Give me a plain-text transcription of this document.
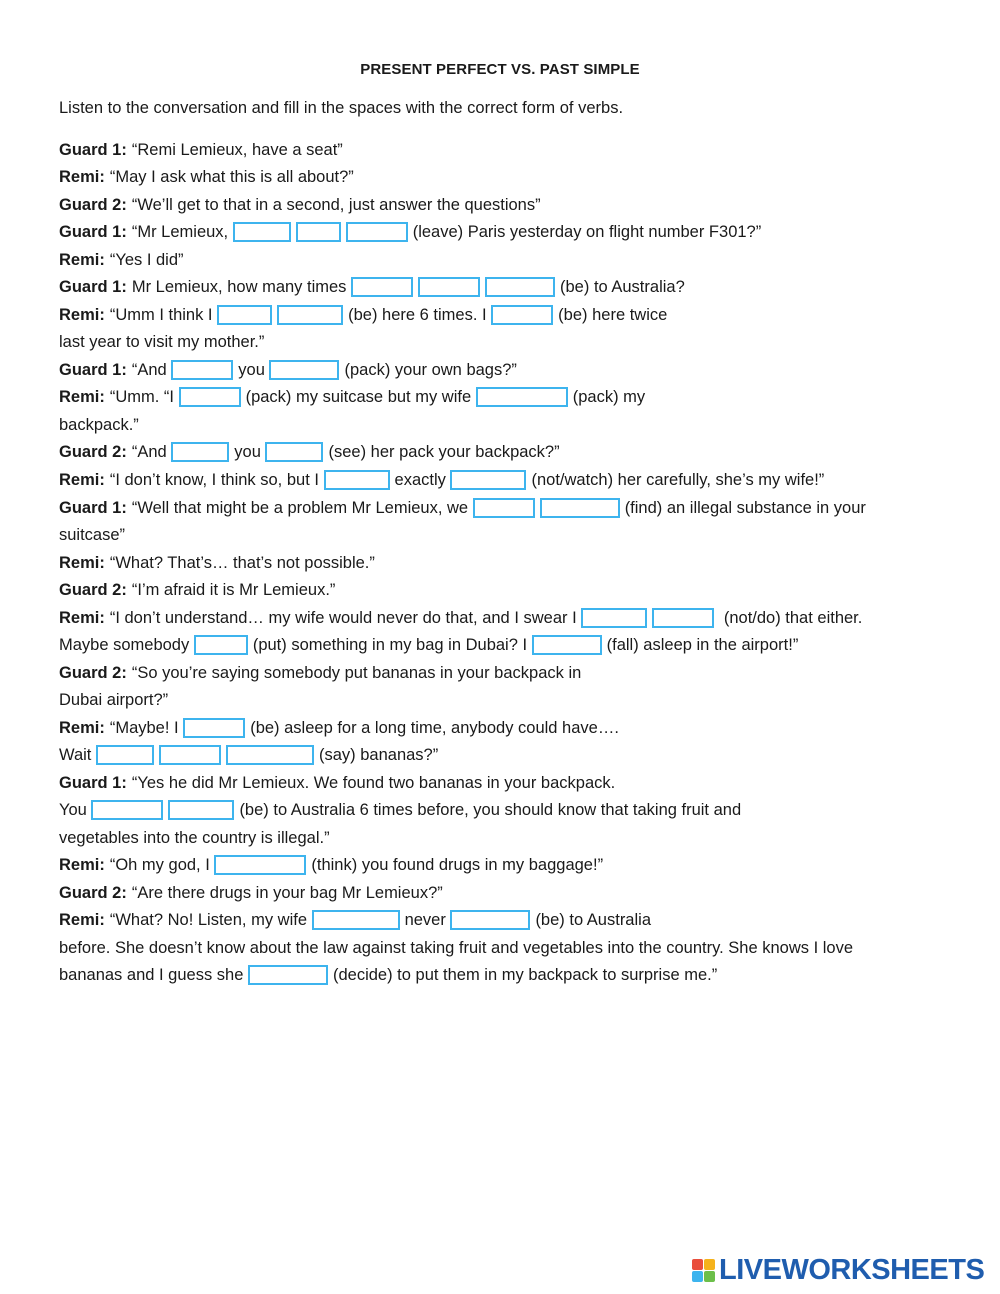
PRESENT PERFECT VS. PAST SIMPLE
Listen to the conversation and fill in the spaces with the correct form of verbs.
Guard 1: “Remi Lemieux, have a seat”
Remi: “May I ask what this is all about?”
Guard 2: “We’ll get to that in a second, just answer the questions”
Guard 1: “Mr Lemieux,	(leave) Paris yesterday on flight number F301?”
Remi: “Yes I did”
Guard 1: Mr Lemieux, how many times	(be) to Australia?
Remi: “Umm I think I	(be) here 6 times. I	(be) here twice
last year to visit my mother.”
Guard 1: “And	you	(pack) your own bags?”
Remi: “Umm. “I	(pack) my suitcase but my wife	(pack) my
backpack.”
Guard 2: “And	you	(see) her pack your backpack?”
Remi: “I don’t know, I think so, but I	exactly	(not/watch) her carefully, she’s my wife!”
Guard 1: “Well that might be a problem Mr Lemieux, we	(find) an illegal substance in your
suitcase”
Remi: “What? That’s… that’s not possible.”
Guard 2: “I’m afraid it is Mr Lemieux.”
Remi: “I don’t understand… my wife would never do that, and I swear I	(not/do) that either.
Maybe somebody	(put) something in my bag in Dubai? I	(fall) asleep in the airport!”
Guard 2: “So you’re saying somebody put bananas in your backpack in
Dubai airport?”
Remi: “Maybe! I	(be) asleep for a long time, anybody could have….
Wait	(say) bananas?”
Guard 1: “Yes he did Mr Lemieux. We found two bananas in your backpack.
You	(be) to Australia 6 times before, you should know that taking fruit and
vegetables into the country is illegal.”
Remi: “Oh my god, I	(think) you found drugs in my baggage!”
Guard 2: “Are there drugs in your bag Mr Lemieux?”
Remi: “What? No! Listen, my wife	never	(be) to Australia
before. She doesn’t know about the law against taking fruit and vegetables into the country. She knows I love
bananas and I guess she	(decide) to put them in my backpack to surprise me.”
LIVEWORKSHEETS
